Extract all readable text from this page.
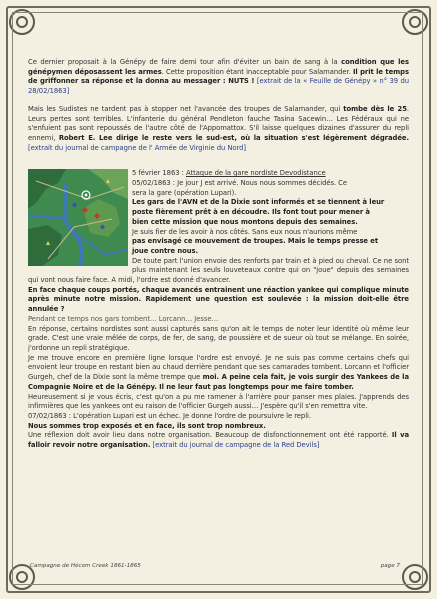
Ce dernier proposait à la Génépy de faire demi tour afin d'éviter un bain de sang à la condition que les génépymen déposassent les armes. Cette proposition étant inacceptable pour Salamander. Il prit le temps de griffonner sa réponse et la donna au messager : NUTS ! [extrait de la « Feuille de Génépy » n° 39 du 28/02/1863]

Mais les Sudistes ne tardent pas à stopper net l'avancée des troupes de Salamander, qui tombe dès le 25. Leurs pertes sont terribles. L'infanterie du général Pendleton fauche Tasina Sacewin… Les Fédéraux qui ne s'enfuient pas sont repoussés de l'autre côté de l'Appomattox. S'il laisse quelques dizaines d'assurer du repli ennemi, Robert E. Lee dirige le reste vers le sud-est, où la situation s'est légèrement dégradée. [extrait du journal de campagne de l' Armée de Virginie du Nord]

5 février 1863 : Attaque de la gare nordiste Devodistance
05/02/1863 : Je jour J est arrivé. Nous nous sommes décidés. Ce
sera la gare (opération Lupari).
Les gars de l'AVN et de la Dixie sont informés et se tiennent à leur
poste fièrement prêt à en découdre. Ils font tout pour mener à
bien cette mission que nous montons depuis des semaines.
Je suis fier de les avoir à nos côtés. Sans eux nous n'aurions même
pas envisagé ce mouvement de troupes. Mais le temps presse et
joue contre nous.
De toute part l'union envoie des renforts par train et à pied ou cheval. Ce ne sont plus maintenant les seuls louveteaux contre qui on "joue" depuis des semaines qui vont nous faire face. A midi, l'ordre est donné d'avancer.
En face chaque coups portés, chaque avancés entrainent une réaction yankee qui complique minute après minute notre mission. Rapidement une question est soulevée : la mission doit-elle être annulée ?
Pendant ce temps nos gars tombent… Lorcann… Jesse…
En réponse, certains nordistes sont aussi capturés sans qu'on ait le temps de noter leur identité où même leur grade. C'est une vraie mêlée de corps, de fer, de sang, de poussière et de sueur où tout se mélange. En soirée, j'ordonne un repli stratégique.
Je me trouve encore en première ligne lorsque l'ordre est envoyé. Je ne suis pas comme certains chefs qui envoient leur troupe en restant bien au chaud derrière pendant que ses camarades tombent. Lorcann et l'officier Gurgeh, chef de la Dixie sont la même trempe que moi. A peine cela fait, je vois surgir des Yankees de la Compagnie Noire et de la Génépy. Il ne leur faut pas longtemps pour me faire tomber.
Heureusement si je vous écris, c'est qu'on a pu me ramener à l'arrière pour panser mes plaies. J'apprends des infirmières que les yankees ont eu raison de l'officier Gurgeh aussi… J'espère qu'il s'en remettra vite.
07/02/1863 : L'opération Lupari est un échec. Je donne l'ordre de poursuivre le repli.
Nous sommes trop exposés et en face, ils sont trop nombreux.
Une réflexion doit avoir lieu dans notre organisation. Beaucoup de disfonctionnement ont été rapporté. Il va falloir revoir notre organisation. [extrait du journal de campagne de la Red Devils]
Campagne de Hécom Creek 1861-1865	page 7
